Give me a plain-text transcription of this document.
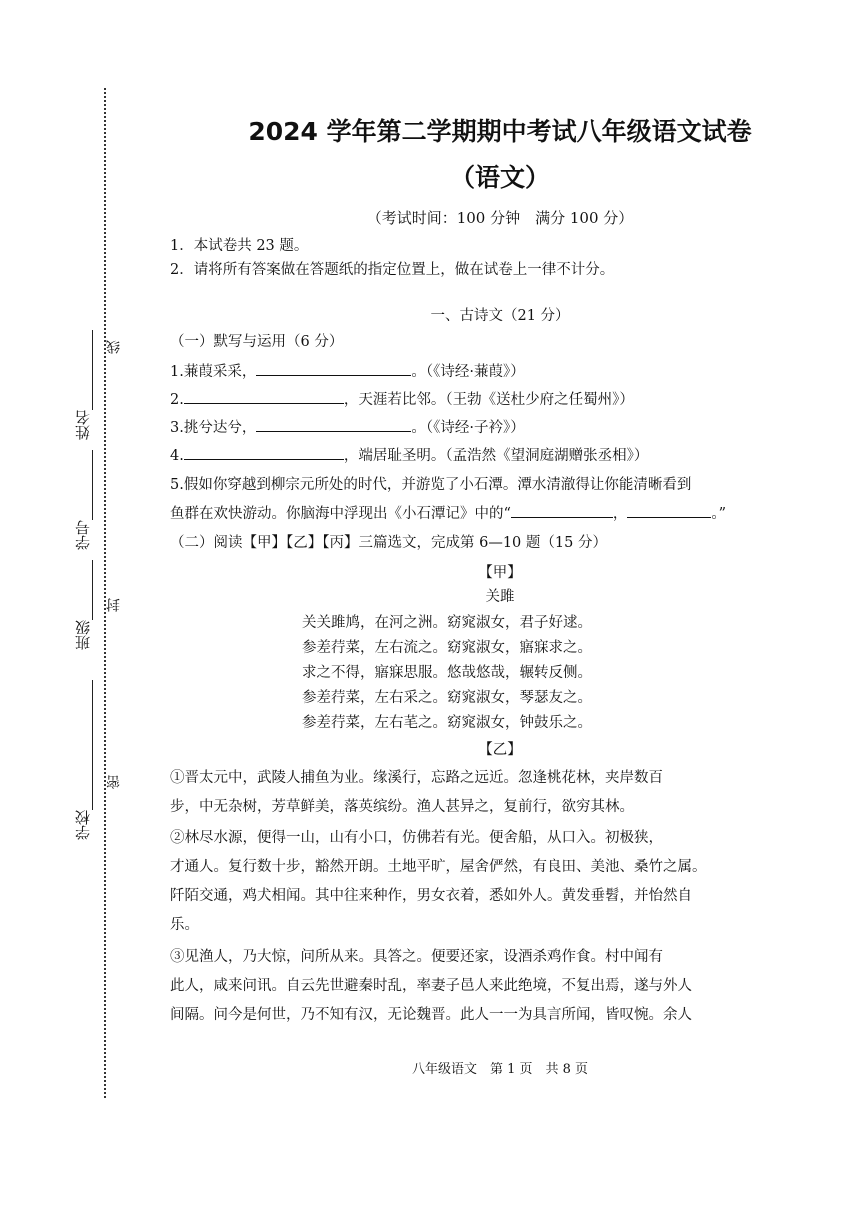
姓名
学号
班级
学校
线
封
密
2024 学年第二学期期中考试八年级语文试卷
（语文）
（考试时间：100 分钟　满分 100 分）
1．本试卷共 23 题。
2．请将所有答案做在答题纸的指定位置上，做在试卷上一律不计分。
一、古诗文（21 分）
（一）默写与运用（6 分）
1.蒹葭采采，	。（《诗经·蒹葭》）
2.	，天涯若比邻。（王勃《送杜少府之任蜀州》）
3.挑兮达兮，	。（《诗经·子衿》）
4.	，端居耻圣明。（孟浩然《望洞庭湖赠张丞相》）
5.假如你穿越到柳宗元所处的时代，并游览了小石潭。潭水清澈得让你能清晰看到
鱼群在欢快游动。你脑海中浮现出《小石潭记》中的“	，	。”
（二）阅读【甲】【乙】【丙】三篇选文，完成第 6—10 题（15 分）
【甲】
关雎
关关雎鸠，在河之洲。窈窕淑女，君子好逑。
参差荇菜，左右流之。窈窕淑女，寤寐求之。
求之不得，寤寐思服。悠哉悠哉，辗转反侧。
参差荇菜，左右采之。窈窕淑女，琴瑟友之。
参差荇菜，左右芼之。窈窕淑女，钟鼓乐之。
【乙】
①晋太元中，武陵人捕鱼为业。缘溪行，忘路之远近。忽逢桃花林，夹岸数百
步，中无杂树，芳草鲜美，落英缤纷。渔人甚异之，复前行，欲穷其林。
②林尽水源，便得一山，山有小口，仿佛若有光。便舍船，从口入。初极狭，
才通人。复行数十步，豁然开朗。土地平旷，屋舍俨然，有良田、美池、桑竹之属。
阡陌交通，鸡犬相闻。其中往来种作，男女衣着，悉如外人。黄发垂髫，并怡然自
乐。
③见渔人，乃大惊，问所从来。具答之。便要还家，设酒杀鸡作食。村中闻有
此人，咸来问讯。自云先世避秦时乱，率妻子邑人来此绝境，不复出焉，遂与外人
间隔。问今是何世，乃不知有汉，无论魏晋。此人一一为具言所闻，皆叹惋。余人
八年级语文　第 1 页　共 8 页
